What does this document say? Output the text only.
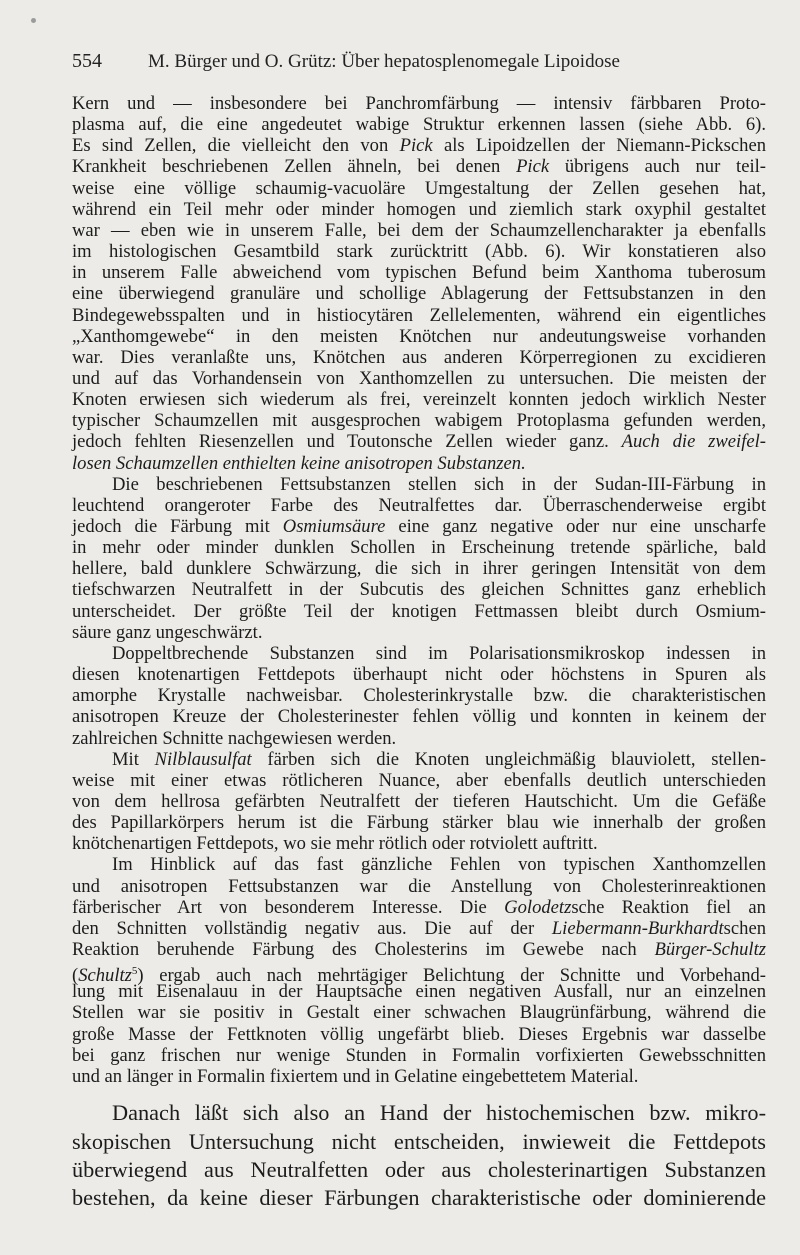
554 M. Bürger und O. Grütz: Über hepatosplenomegale Lipoidose
Kern und — insbesondere bei Panchromfärbung — intensiv färbbaren Proto-
plasma auf, die eine angedeutet wabige Struktur erkennen lassen (siehe Abb. 6).
Es sind Zellen, die vielleicht den von Pick als Lipoidzellen der Niemann-Pickschen
Krankheit beschriebenen Zellen ähneln, bei denen Pick übrigens auch nur teil-
weise eine völlige schaumig-vacuoläre Umgestaltung der Zellen gesehen hat,
während ein Teil mehr oder minder homogen und ziemlich stark oxyphil gestaltet
war — eben wie in unserem Falle, bei dem der Schaumzellencharakter ja ebenfalls
im histologischen Gesamtbild stark zurücktritt (Abb. 6). Wir konstatieren also
in unserem Falle abweichend vom typischen Befund beim Xanthoma tuberosum
eine überwiegend granuläre und schollige Ablagerung der Fettsubstanzen in den
Bindegewebsspalten und in histiocytären Zellelementen, während ein eigentliches
„Xanthomgewebe“ in den meisten Knötchen nur andeutungsweise vorhanden
war. Dies veranlaßte uns, Knötchen aus anderen Körperregionen zu excidieren
und auf das Vorhandensein von Xanthomzellen zu untersuchen. Die meisten der
Knoten erwiesen sich wiederum als frei, vereinzelt konnten jedoch wirklich Nester
typischer Schaumzellen mit ausgesprochen wabigem Protoplasma gefunden werden,
jedoch fehlten Riesenzellen und Toutonsche Zellen wieder ganz. Auch die zweifel-
losen Schaumzellen enthielten keine anisotropen Substanzen.
Die beschriebenen Fettsubstanzen stellen sich in der Sudan-III-Färbung in
leuchtend orangeroter Farbe des Neutralfettes dar. Überraschenderweise ergibt
jedoch die Färbung mit Osmiumsäure eine ganz negative oder nur eine unscharfe
in mehr oder minder dunklen Schollen in Erscheinung tretende spärliche, bald
hellere, bald dunklere Schwärzung, die sich in ihrer geringen Intensität von dem
tiefschwarzen Neutralfett in der Subcutis des gleichen Schnittes ganz erheblich
unterscheidet. Der größte Teil der knotigen Fettmassen bleibt durch Osmium-
säure ganz ungeschwärzt.
Doppeltbrechende Substanzen sind im Polarisationsmikroskop indessen in
diesen knotenartigen Fettdepots überhaupt nicht oder höchstens in Spuren als
amorphe Krystalle nachweisbar. Cholesterinkrystalle bzw. die charakteristischen
anisotropen Kreuze der Cholesterinester fehlen völlig und konnten in keinem der
zahlreichen Schnitte nachgewiesen werden.
Mit Nilblausulfat färben sich die Knoten ungleichmäßig blauviolett, stellen-
weise mit einer etwas rötlicheren Nuance, aber ebenfalls deutlich unterschieden
von dem hellrosa gefärbten Neutralfett der tieferen Hautschicht. Um die Gefäße
des Papillarkörpers herum ist die Färbung stärker blau wie innerhalb der großen
knötchenartigen Fettdepots, wo sie mehr rötlich oder rotviolett auftritt.
Im Hinblick auf das fast gänzliche Fehlen von typischen Xanthomzellen
und anisotropen Fettsubstanzen war die Anstellung von Cholesterinreaktionen
färberischer Art von besonderem Interesse. Die Golodetzsche Reaktion fiel an
den Schnitten vollständig negativ aus. Die auf der Liebermann-Burkhardtschen
Reaktion beruhende Färbung des Cholesterins im Gewebe nach Bürger-Schultz
(Schultz$^5$) ergab auch nach mehrtägiger Belichtung der Schnitte und Vorbehand-
lung mit Eisenalauu in der Hauptsache einen negativen Ausfall, nur an einzelnen
Stellen war sie positiv in Gestalt einer schwachen Blaugrünfärbung, während die
große Masse der Fettknoten völlig ungefärbt blieb. Dieses Ergebnis war dasselbe
bei ganz frischen nur wenige Stunden in Formalin vorfixierten Gewebsschnitten
und an länger in Formalin fixiertem und in Gelatine eingebettetem Material.
Danach läßt sich also an Hand der histochemischen bzw. mikro-
skopischen Untersuchung nicht entscheiden, inwieweit die Fettdepots
überwiegend aus Neutralfetten oder aus cholesterinartigen Substanzen
bestehen, da keine dieser Färbungen charakteristische oder dominierende
